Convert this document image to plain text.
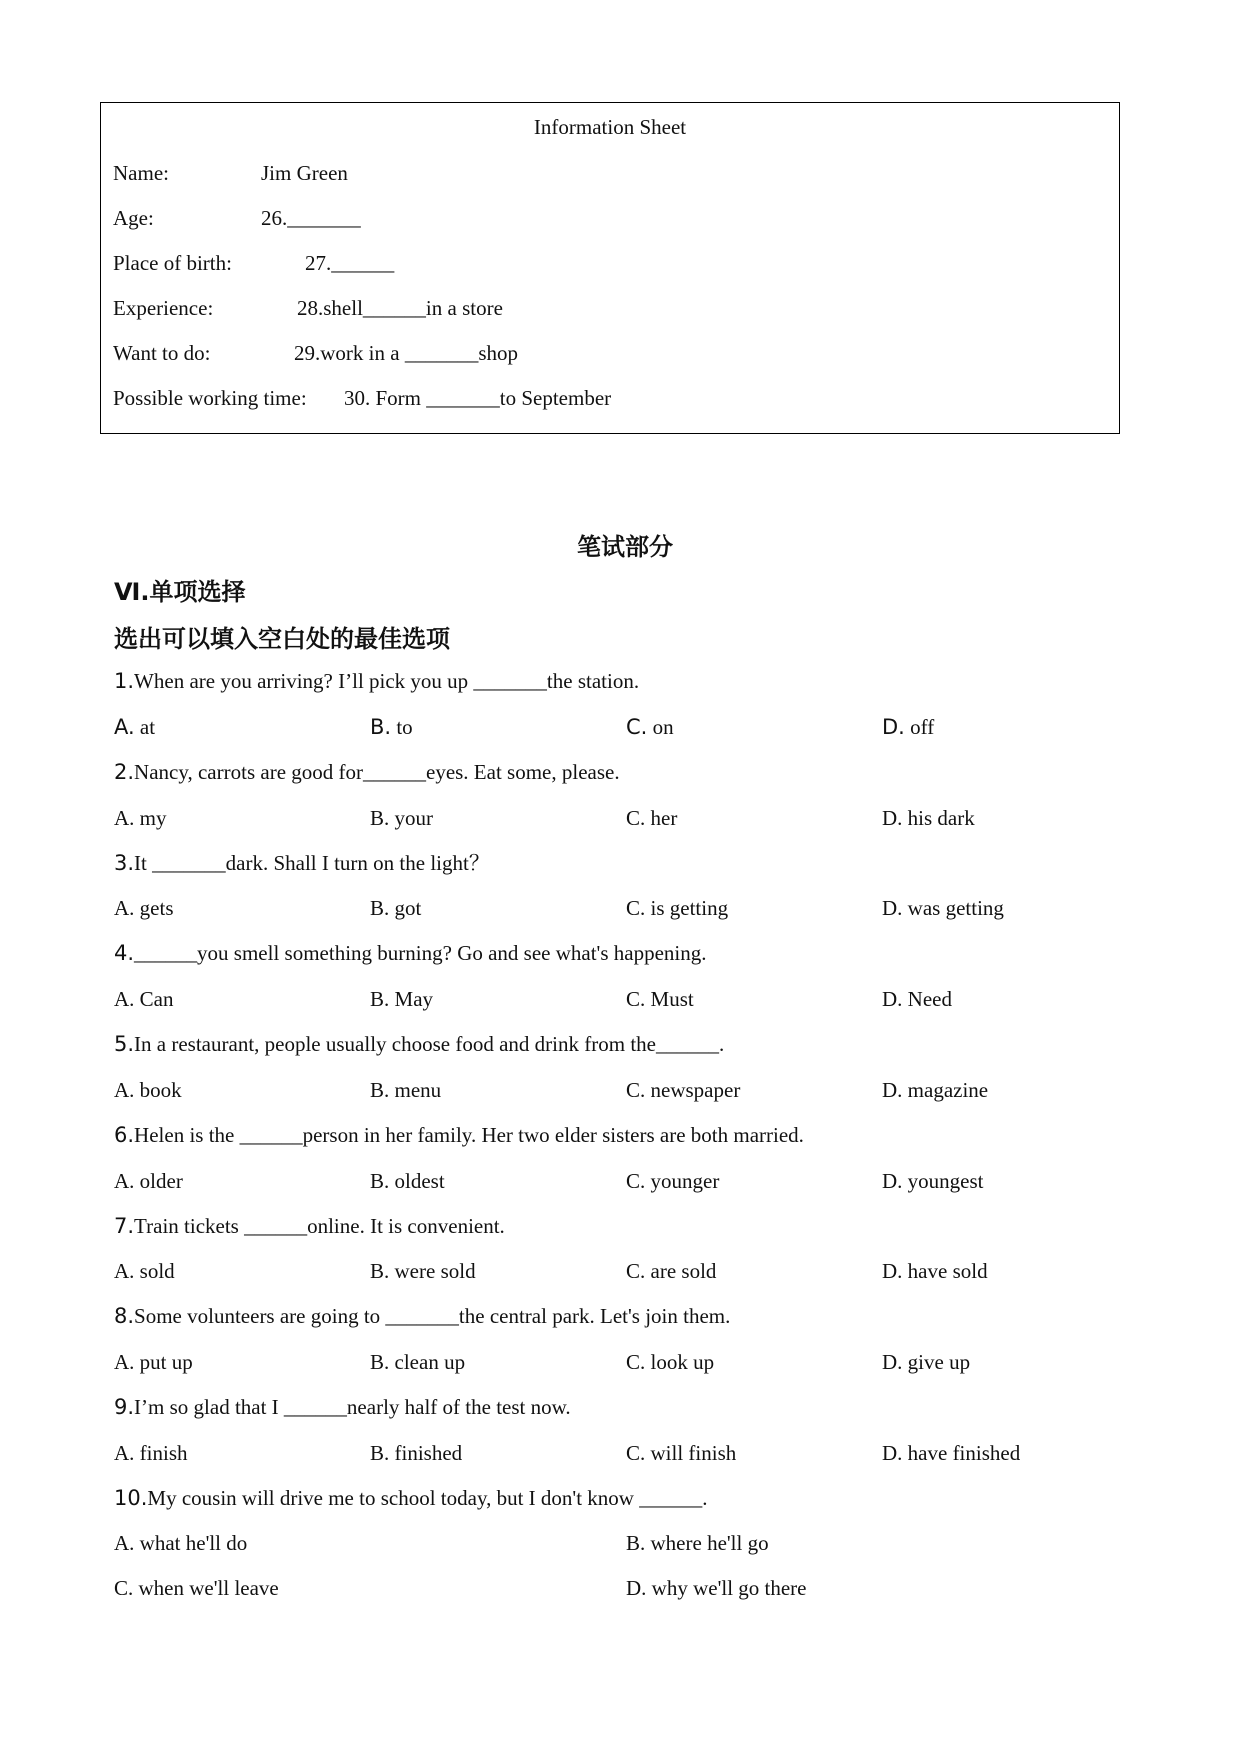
Information Sheet
Name:	Jim Green
Age:	26._______
Place of birth:	27.______
Experience:	28.shell______in a store
Want to do:	29.work in a _______shop
Possible working time: 30. Form _______to September
笔试部分
Ⅵ.单项选择
选出可以填入空白处的最佳选项
1.When are you arriving? I’ll pick you up _______the station.
A. at	B. to	C. on	D. off
2.Nancy, carrots are good for______eyes. Eat some, please.
A. my	B. your	C. her	D. his dark
3.It _______dark. Shall I turn on the light？
A. gets	B. got	C. is getting	D. was getting
4.______you smell something burning? Go and see what's happening.
A. Can	B. May	C. Must	D. Need
5.In a restaurant, people usually choose food and drink from the______.
A. book	B. menu	C. newspaper	D. magazine
6.Helen is the ______person in her family. Her two elder sisters are both married.
A. older	B. oldest	C. younger	D. youngest
7.Train tickets ______online. It is convenient.
A. sold	B. were sold	C. are sold	D. have sold
8.Some volunteers are going to _______the central park. Let's join them.
A. put up	B. clean up	C. look up	D. give up
9.I’m so glad that I ______nearly half of the test now.
A. finish	B. finished	C. will finish	D. have finished
10.My cousin will drive me to school today, but I don't know ______.
A. what he'll do	B. where he'll go
C. when we'll leave	D. why we'll go there
